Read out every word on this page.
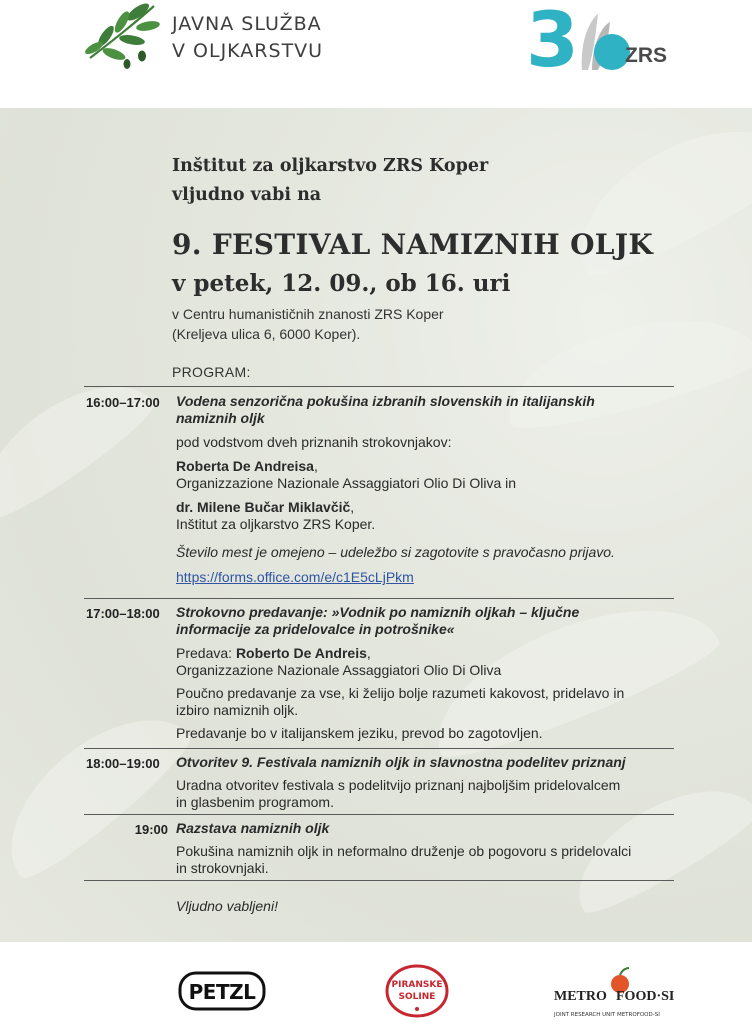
JAVNA SLUŽBA
V OLJKARSTVU	3 ZRS
Inštitut za oljkarstvo ZRS Koper
vljudno vabi na
9. FESTIVAL NAMIZNIH OLJK
v petek, 12. 09., ob 16. uri
v Centru humanističnih znanosti ZRS Koper
(Kreljeva ulica 6, 6000 Koper).
PROGRAM:
16:00–17:00	Vodena senzorična pokušina izbranih slovenskih in italijanskih
namiznih oljk
pod vodstvom dveh priznanih strokovnjakov:
Roberta De Andreisa,
Organizzazione Nazionale Assaggiatori Olio Di Oliva in
dr. Milene Bučar Miklavčič,
Inštitut za oljkarstvo ZRS Koper.
Število mest je omejeno – udeležbo si zagotovite s pravočasno prijavo.
https://forms.office.com/e/c1E5cLjPkm
17:00–18:00	Strokovno predavanje: »Vodnik po namiznih oljkah – ključne
informacije za pridelovalce in potrošnike«
Predava: Roberto De Andreis,
Organizzazione Nazionale Assaggiatori Olio Di Oliva
Poučno predavanje za vse, ki želijo bolje razumeti kakovost, pridelavo in
izbiro namiznih oljk.
Predavanje bo v italijanskem jeziku, prevod bo zagotovljen.
18:00–19:00	Otvoritev 9. Festivala namiznih oljk in slavnostna podelitev priznanj
Uradna otvoritev festivala s podelitvijo priznanj najboljšim pridelovalcem
in glasbenim programom.
19:00 Razstava namiznih oljk
Pokušina namiznih oljk in neformalno druženje ob pogovoru s pridelovalci
in strokovnjaki.
Vljudno vabljeni!
PETZL	PIRANSKE
SOLINE	METRO FOOD·SI
JOINT RESEARCH UNIT METROFOOD-SI
